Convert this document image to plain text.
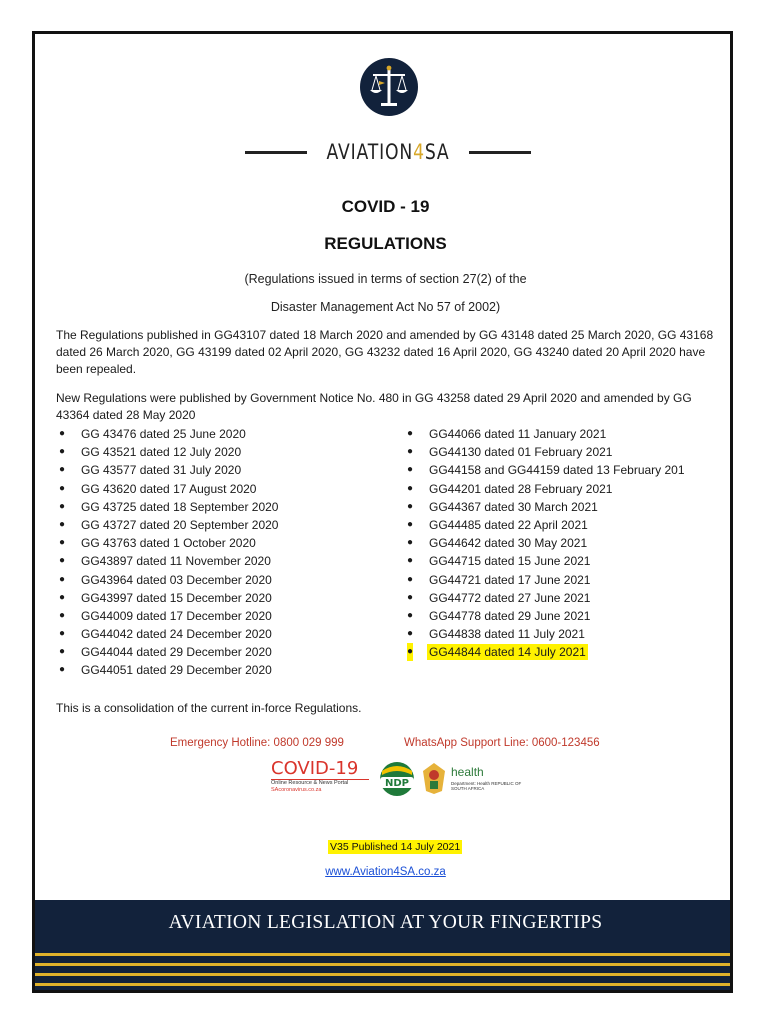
AVIATION4SA
COVID - 19
REGULATIONS
(Regulations issued in terms of section 27(2) of the
Disaster Management Act No 57 of 2002)
The Regulations published in GG43107 dated 18 March 2020 and amended by GG 43148 dated 25 March 2020, GG 43168 dated 26 March 2020, GG 43199 dated 02 April 2020, GG 43232 dated 16 April 2020, GG 43240 dated 20 April 2020 have been repealed.
New Regulations were published by Government Notice No. 480 in GG 43258 dated 29 April 2020 and amended by GG 43364 dated 28 May 2020
● GG 43476 dated 25 June 2020
● GG 43521 dated 12 July 2020
● GG 43577 dated 31 July 2020
● GG 43620 dated 17 August 2020
● GG 43725 dated 18 September 2020
● GG 43727 dated 20 September 2020
● GG 43763 dated 1 October 2020
● GG43897 dated 11 November 2020
● GG43964 dated 03 December 2020
● GG43997 dated 15 December 2020
● GG44009 dated 17 December 2020
● GG44042 dated 24 December 2020
● GG44044 dated 29 December 2020
● GG44051 dated 29 December 2020
● GG44066 dated 11 January 2021
● GG44130 dated 01 February 2021
● GG44158 and GG44159 dated 13 February 201
● GG44201 dated 28 February 2021
● GG44367 dated 30 March 2021
● GG44485 dated 22 April 2021
● GG44642 dated 30 May 2021
● GG44715 dated 15 June 2021
● GG44721 dated 17 June 2021
● GG44772 dated 27 June 2021
● GG44778 dated 29 June 2021
● GG44838 dated 11 July 2021
● GG44844 dated 14 July 2021
This is a consolidation of the current in-force Regulations.
Emergency Hotline: 0800 029 999	WhatsApp Support Line: 0600-123456
COVID-19
Online Resource & News Portal
SAcoronavirus.co.za
NDP
health
Department: Health REPUBLIC OF SOUTH AFRICA
V35 Published 14 July 2021
www.Aviation4SA.co.za
AVIATION LEGISLATION AT YOUR FINGERTIPS
